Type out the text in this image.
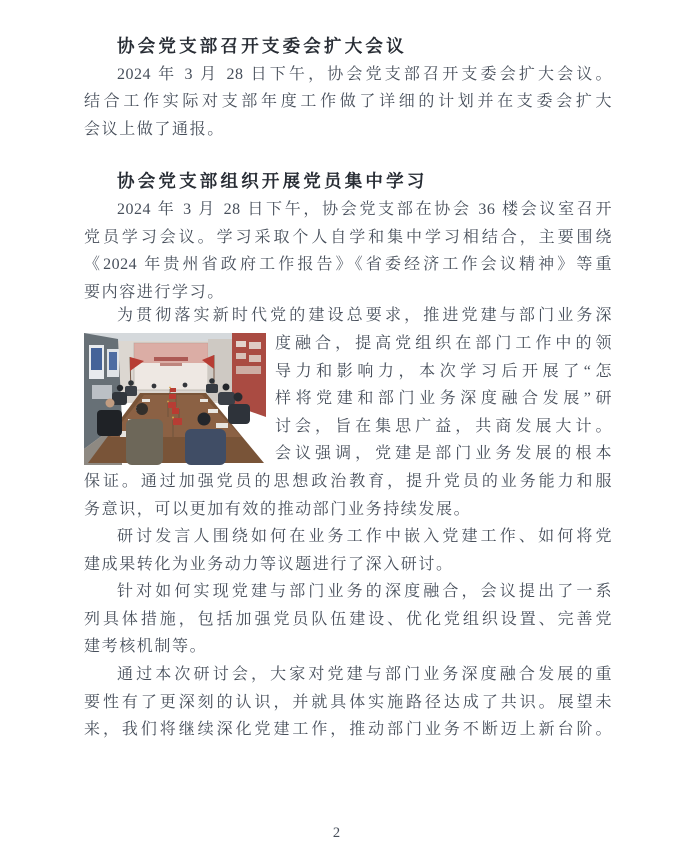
协会党支部召开支委会扩大会议
2024 年 3 月 28 日下午，协会党支部召开支委会扩大会议。
结合工作实际对支部年度工作做了详细的计划并在支委会扩大
会议上做了通报。
协会党支部组织开展党员集中学习
2024 年 3 月 28 日下午，协会党支部在协会 36 楼会议室召开
党员学习会议。学习采取个人自学和集中学习相结合，主要围绕
《2024 年贵州省政府工作报告》《省委经济工作会议精神》等重
要内容进行学习。
为贯彻落实新时代党的建设总要求，推进党建与部门业务深
度融合，提高党组织在部门工作中的领
导力和影响力，本次学习后开展了“怎
样将党建和部门业务深度融合发展”研
讨会，旨在集思广益，共商发展大计。
会议强调，党建是部门业务发展的根本
保证。通过加强党员的思想政治教育，提升党员的业务能力和服
务意识，可以更加有效的推动部门业务持续发展。
研讨发言人围绕如何在业务工作中嵌入党建工作、如何将党
建成果转化为业务动力等议题进行了深入研讨。
针对如何实现党建与部门业务的深度融合，会议提出了一系
列具体措施，包括加强党员队伍建设、优化党组织设置、完善党
建考核机制等。
通过本次研讨会，大家对党建与部门业务深度融合发展的重
要性有了更深刻的认识，并就具体实施路径达成了共识。展望未
来，我们将继续深化党建工作，推动部门业务不断迈上新台阶。
2
